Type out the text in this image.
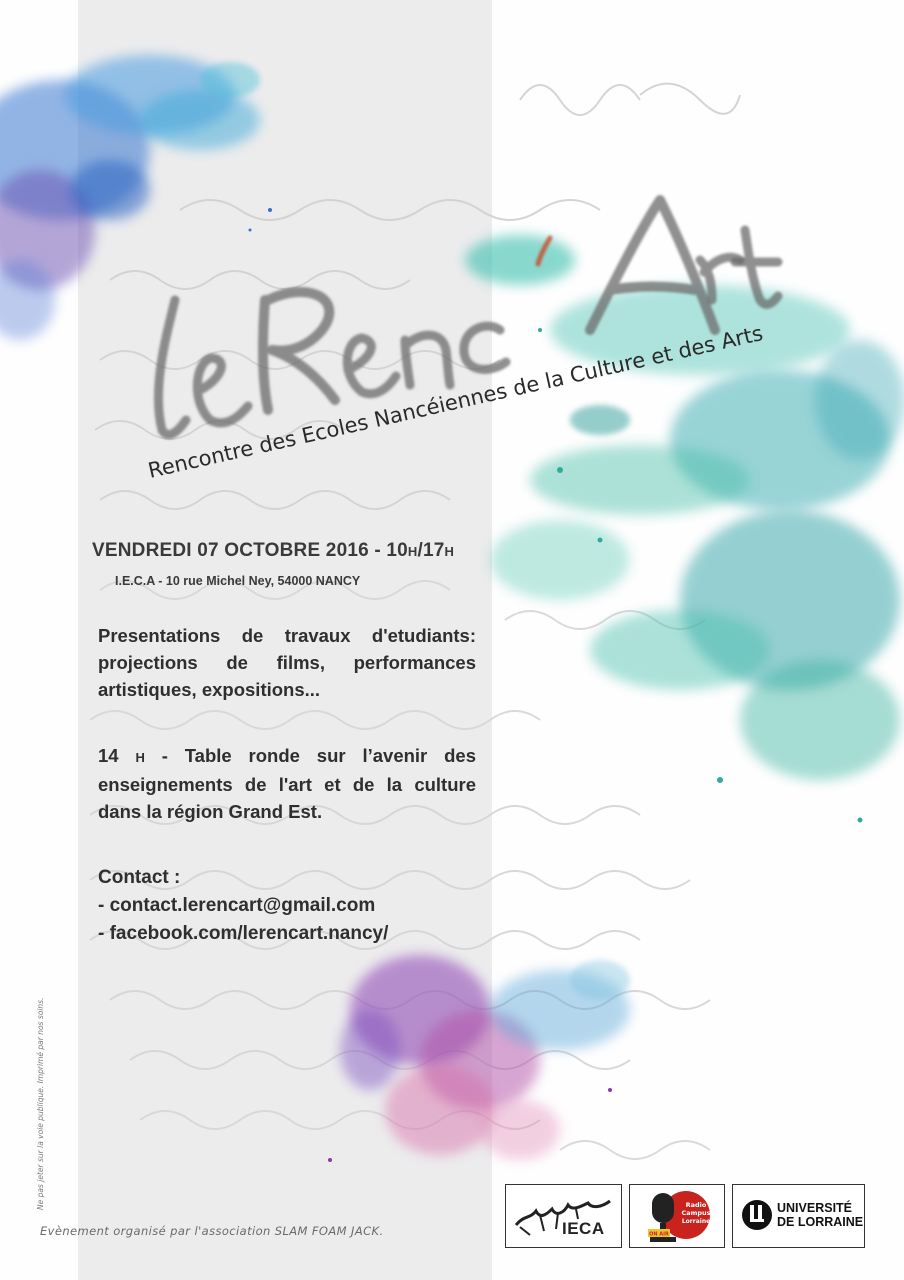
Rencontre des Ecoles Nancéiennes de la Culture et des Arts
VENDREDI 07 OCTOBRE 2016 - 10H/17H
I.E.C.A - 10 rue Michel Ney, 54000 NANCY

Presentations de travaux d'etudiants: projections de films, performances artistiques, expositions...

14 H - Table ronde sur l’avenir des enseignements de l'art et de la culture dans la région Grand Est.

Contact :
- contact.lerencart@gmail.com
- facebook.com/lerencart.nancy/
Ne pas jeter sur la voie publique. Imprimé par nos soins.
Evènement organisé par l'association SLAM FOAM JACK.	IECA	ON AIR
Radio
Campus
Lorraine
UNIVERSITÉ
DE LORRAINE
